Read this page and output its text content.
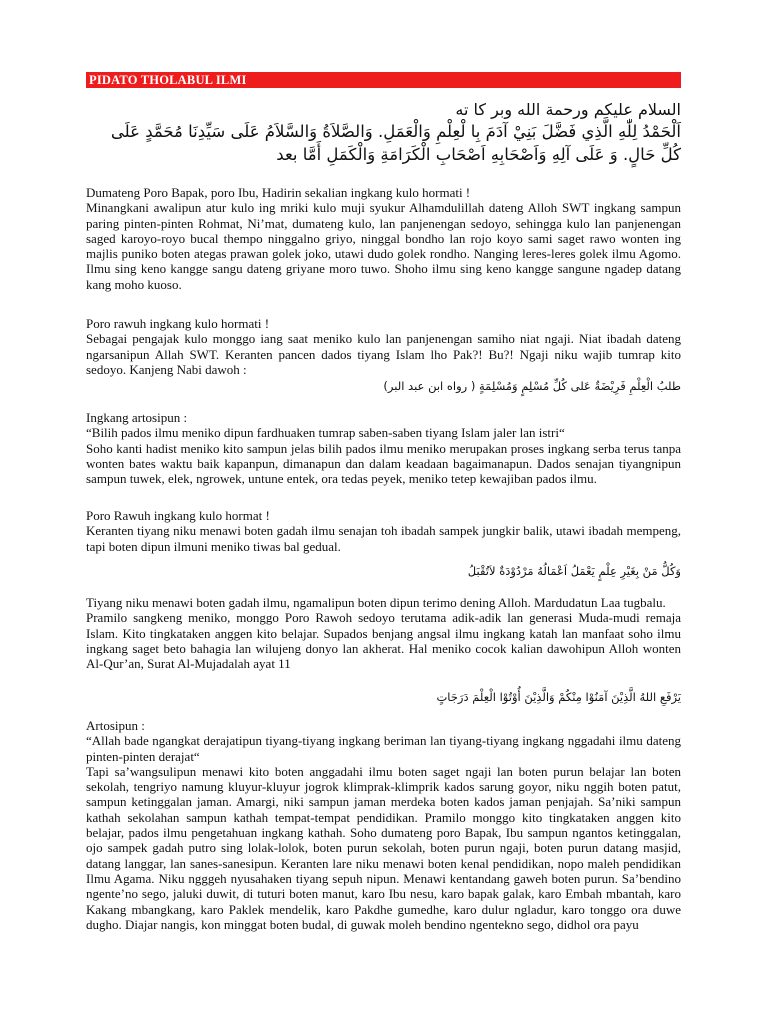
PIDATO THOLABUL ILMI
السلام عليكم ورحمة الله وبر كا ته
اَلْحَمْدُ لِلّٰهِ الَّذِي فَضَّلَ بَنِيْ آدَمَ بِا لْعِلْمِ وَالْعَمَلِ. وَالصَّلاَةُ وَالسَّلاَمُ عَلَى سَيِّدِنَا مُحَمَّدٍ عَلَى كُلِّ حَالٍ. وَ عَلَى آلِهِ وَاَصْحَابِهِ اَصْحَابِ الْكَرَامَةِ وَالْكَمَلِ أَمَّا بعد

Dumateng Poro Bapak, poro Ibu, Hadirin sekalian ingkang kulo hormati !

Minangkani awalipun atur kulo ing mriki kulo muji syukur Alhamdulillah dateng Alloh SWT ingkang sampun paring pinten-pinten Rohmat, Ni’mat, dumateng kulo, lan panjenengan sedoyo, sehingga kulo lan panjenengan saged karoyo-royo bucal thempo ninggalno griyo, ninggal bondho lan rojo koyo sami saget rawo wonten ing majlis puniko boten ategas prawan golek joko, utawi dudo golek rondho. Nanging leres-leres golek ilmu Agomo. Ilmu sing keno kangge sangu dateng griyane moro tuwo. Shoho ilmu sing keno kangge sangune ngadep datang kang moho kuoso.

Poro rawuh ingkang kulo hormati !

Sebagai pengajak kulo monggo iang saat meniko kulo lan panjenengan samiho niat ngaji. Niat ibadah dateng ngarsanipun Allah SWT. Keranten pancen dados tiyang Islam lho Pak?! Bu?! Ngaji niku wajib tumrap kito sedoyo. Kanjeng Nabi dawoh :

طلبُ الْعِلْمِ فَرِيْضَةٌ عَلى كُلِّ مُسْلِمٍ وَمُسْلِمَةٍ ( رواه ابن عبد البر)

Ingkang artosipun :

“Bilih pados ilmu meniko dipun fardhuaken tumrap saben-saben tiyang Islam jaler lan istri“

Soho kanti hadist meniko kito sampun jelas bilih pados ilmu meniko merupakan proses ingkang serba terus tanpa wonten bates waktu baik kapanpun, dimanapun dan dalam keadaan bagaimanapun. Dados senajan tiyangnipun sampun tuwek, elek, ngrowek, untune entek, ora tedas peyek, meniko tetep kewajiban pados ilmu.

Poro Rawuh ingkang kulo hormat !

Keranten tiyang niku menawi boten gadah ilmu senajan toh ibadah sampek jungkir balik, utawi ibadah mempeng, tapi boten dipun ilmuni meniko tiwas bal gedual.

وَكُلُّ مَنْ بِغَيْرِ عِلْمٍ يَعْمَلُ اَعْمَالُهُ مَرْدُوْدَةٌ لاَتُقْبَلُ

Tiyang niku menawi boten gadah ilmu, ngamalipun boten dipun terimo dening Alloh. Mardudatun Laa tugbalu.

Pramilo sangkeng meniko, monggo Poro Rawoh sedoyo terutama adik-adik lan generasi Muda-mudi remaja Islam. Kito tingkataken anggen kito belajar. Supados benjang angsal ilmu ingkang katah lan manfaat soho ilmu ingkang saget beto bahagia lan wilujeng donyo lan akherat. Hal meniko cocok kalian dawohipun Alloh wonten Al-Qur’an, Surat Al-Mujadalah ayat 11

يَرْفَعِ اللهُ الَّذِيْنَ آمَنُوْا مِنْكُمْ وَالَّذِيْنَ أُوْتُوْا الْعِلْمَ دَرَجَاتٍ

Artosipun :

“Allah bade ngangkat derajatipun tiyang-tiyang ingkang beriman lan tiyang-tiyang ingkang nggadahi ilmu dateng pinten-pinten derajat“

Tapi sa’wangsulipun menawi kito boten anggadahi ilmu boten saget ngaji lan boten purun belajar lan boten sekolah, tengriyo namung kluyur-kluyur jogrok klimprak-klimprik kados sarung goyor, niku nggih boten patut, sampun ketinggalan jaman. Amargi, niki sampun jaman merdeka boten kados jaman penjajah. Sa’niki sampun kathah sekolahan sampun kathah tempat-tempat pendidikan. Pramilo monggo kito tingkataken anggen kito belajar, pados ilmu pengetahuan ingkang kathah. Soho dumateng poro Bapak, Ibu sampun ngantos ketinggalan, ojo sampek gadah putro sing lolak-lolok, boten purun sekolah, boten purun ngaji, boten purun datang masjid, datang langgar, lan sanes-sanesipun. Keranten lare niku menawi boten kenal pendidikan, nopo maleh pendidikan Ilmu Agama. Niku ngggeh nyusahaken tiyang sepuh nipun. Menawi kentandang gaweh boten purun. Sa’bendino ngente’no sego, jaluki duwit, di tuturi boten manut, karo Ibu nesu, karo bapak galak, karo Embah mbantah, karo Kakang mbangkang, karo Paklek mendelik, karo Pakdhe gumedhe, karo dulur ngladur, karo tonggo ora duwe dugho. Diajar nangis, kon minggat boten budal, di guwak moleh bendino ngentekno sego, didhol ora payu
